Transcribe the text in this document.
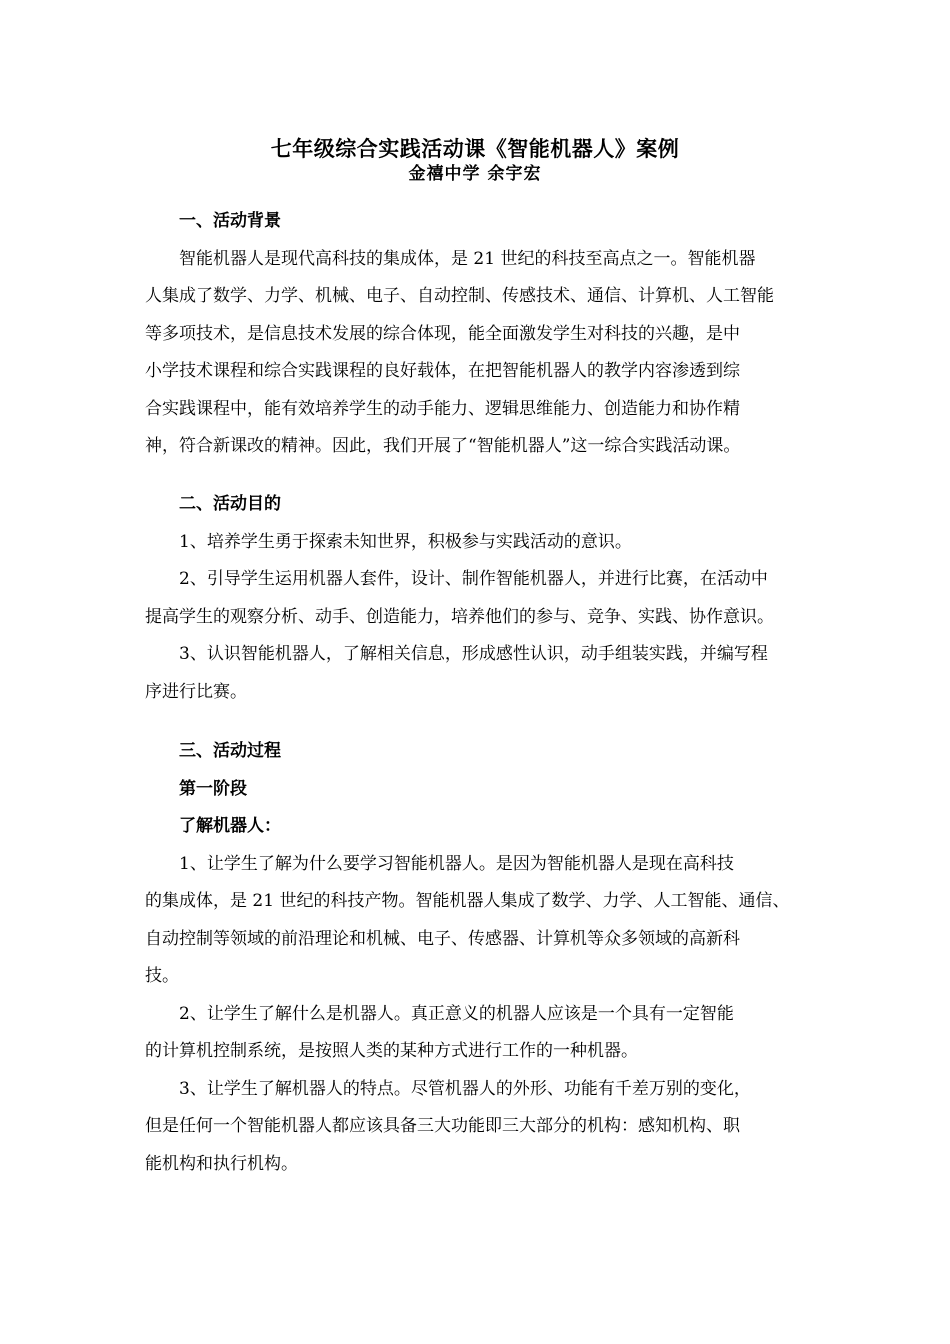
七年级综合实践活动课《智能机器人》案例
金禧中学 余宇宏
一、活动背景
智能机器人是现代高科技的集成体，是 21 世纪的科技至高点之一。智能机器
人集成了数学、力学、机械、电子、自动控制、传感技术、通信、计算机、人工智能
等多项技术，是信息技术发展的综合体现，能全面激发学生对科技的兴趣，是中
小学技术课程和综合实践课程的良好载体，在把智能机器人的教学内容渗透到综
合实践课程中，能有效培养学生的动手能力、逻辑思维能力、创造能力和协作精
神，符合新课改的精神。因此，我们开展了“智能机器人”这一综合实践活动课。
二、活动目的
1、培养学生勇于探索未知世界，积极参与实践活动的意识。
2、引导学生运用机器人套件，设计、制作智能机器人，并进行比赛，在活动中
提高学生的观察分析、动手、创造能力，培养他们的参与、竞争、实践、协作意识。
3、认识智能机器人，了解相关信息，形成感性认识，动手组装实践，并编写程
序进行比赛。
三、活动过程
第一阶段
了解机器人：
1、让学生了解为什么要学习智能机器人。是因为智能机器人是现在高科技
的集成体，是 21 世纪的科技产物。智能机器人集成了数学、力学、人工智能、通信、
自动控制等领域的前沿理论和机械、电子、传感器、计算机等众多领域的高新科
技。
2、让学生了解什么是机器人。真正意义的机器人应该是一个具有一定智能
的计算机控制系统，是按照人类的某种方式进行工作的一种机器。
3、让学生了解机器人的特点。尽管机器人的外形、功能有千差万别的变化，
但是任何一个智能机器人都应该具备三大功能即三大部分的机构：感知机构、职
能机构和执行机构。
